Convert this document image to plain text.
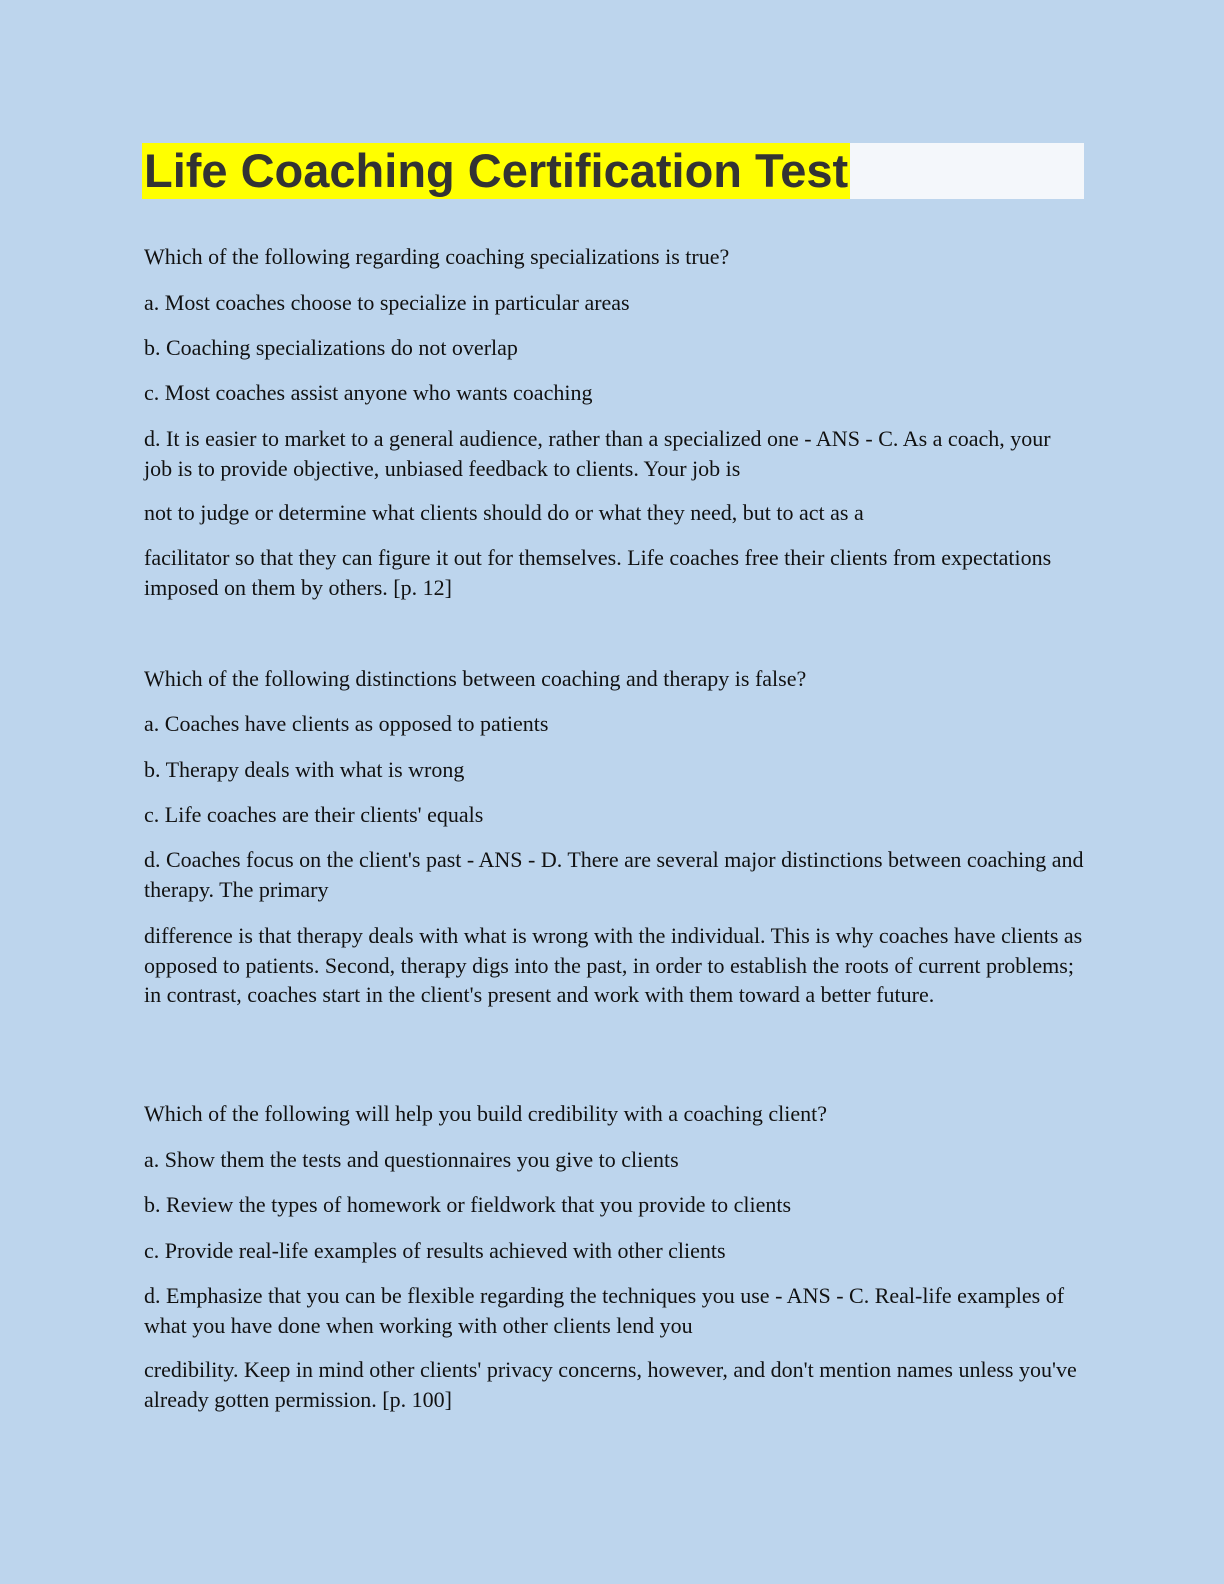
Life Coaching Certification Test

Which of the following regarding coaching specializations is true?

a. Most coaches choose to specialize in particular areas

b. Coaching specializations do not overlap

c. Most coaches assist anyone who wants coaching

d. It is easier to market to a general audience, rather than a specialized one - ANS - C. As a coach, your job is to provide objective, unbiased feedback to clients. Your job is

not to judge or determine what clients should do or what they need, but to act as a

facilitator so that they can figure it out for themselves. Life coaches free their clients from expectations imposed on them by others. [p. 12]

Which of the following distinctions between coaching and therapy is false?

a. Coaches have clients as opposed to patients

b. Therapy deals with what is wrong

c. Life coaches are their clients' equals

d. Coaches focus on the client's past - ANS - D. There are several major distinctions between coaching and therapy. The primary

difference is that therapy deals with what is wrong with the individual. This is why coaches have clients as opposed to patients. Second, therapy digs into the past, in order to establish the roots of current problems; in contrast, coaches start in the client's present and work with them toward a better future.

Which of the following will help you build credibility with a coaching client?

a. Show them the tests and questionnaires you give to clients

b. Review the types of homework or fieldwork that you provide to clients

c. Provide real-life examples of results achieved with other clients

d. Emphasize that you can be flexible regarding the techniques you use - ANS - C. Real-life examples of what you have done when working with other clients lend you

credibility. Keep in mind other clients' privacy concerns, however, and don't mention names unless you've already gotten permission. [p. 100]
